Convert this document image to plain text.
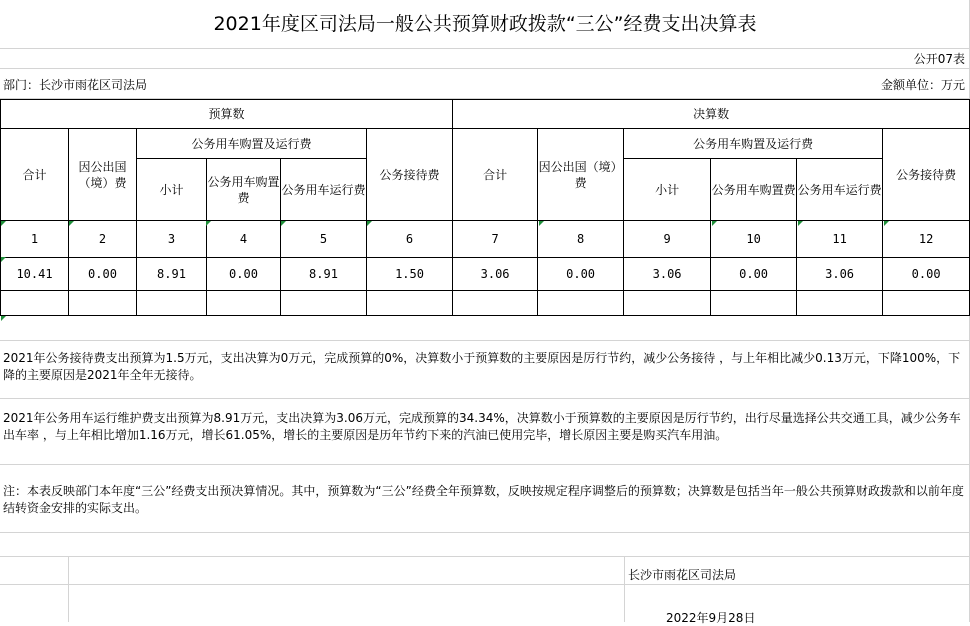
2021年度区司法局一般公共预算财政拨款“三公”经费支出决算表
公开07表
部门：长沙市雨花区司法局	金额单位：万元
预算数						决算数					
合计	因公出国（境）费	公务用车购置及运行费			公务接待费	合计	因公出国（境）费	公务用车购置及运行费			公务接待费
		小计	公务用车购置费	公务用车运行费				小计	公务用车购置费	公务用车运行费	
1	2	3	4	5	6	7	8	9	10	11	12
10.41	0.00	8.91	0.00	8.91	1.50	3.06	0.00	3.06	0.00	3.06	0.00

2021年公务接待费支出预算为1.5万元，支出决算为0万元，完成预算的0%，决算数小于预算数的主要原因是厉行节约，减少公务接待 ，与上年相比减少0.13万元，下降100%，下降的主要原因是2021年全年无接待。
2021年公务用车运行维护费支出预算为8.91万元，支出决算为3.06万元，完成预算的34.34%，决算数小于预算数的主要原因是厉行节约，出行尽量选择公共交通工具，减少公务车出车率 ，与上年相比增加1.16万元，增长61.05%，增长的主要原因是历年节约下来的汽油已使用完毕，增长原因主要是购买汽车用油。
注：本表反映部门本年度“三公”经费支出预决算情况。其中，预算数为“三公”经费全年预算数，反映按规定程序调整后的预算数；决算数是包括当年一般公共预算财政拨款和以前年度结转资金安排的实际支出。
长沙市雨花区司法局
2022年9月28日
